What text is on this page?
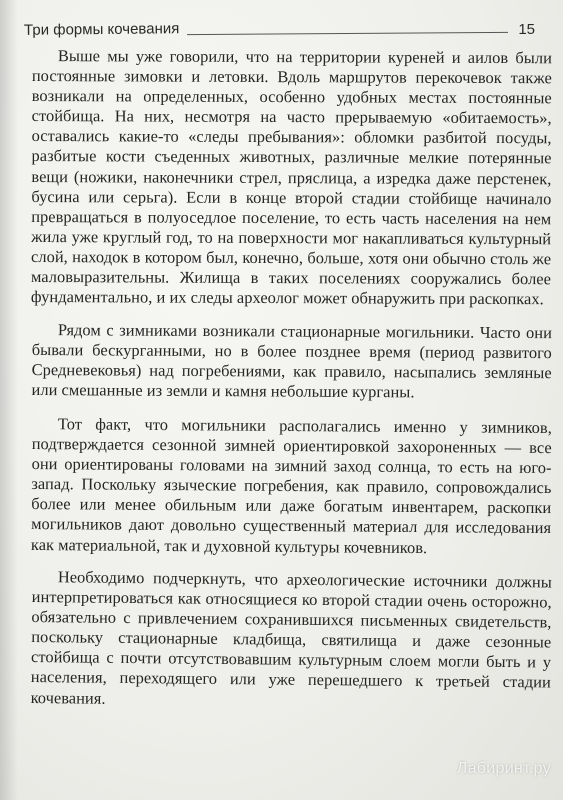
Три формы кочевания	15

Выше мы уже говорили, что на территории куреней и аилов были постоянные зимовки и летовки. Вдоль маршрутов перекочевок также возникали на определенных, особенно удобных местах постоянные стойбища. На них, несмотря на часто прерываемую «обитаемость», оставались какие-то «следы пребывания»: обломки разбитой посуды, разбитые кости съеденных животных, различные мелкие потерянные вещи (ножики, наконечники стрел, пряслица, а изредка даже перстенек, бусина или серьга). Если в конце второй стадии стойбище начинало превращаться в полуоседлое поселение, то есть часть населения на нем жила уже круглый год, то на поверхности мог накапливаться культурный слой, находок в котором был, конечно, больше, хотя они обычно столь же маловыразительны. Жилища в таких поселениях сооружались более фундаментально, и их следы археолог может обнаружить при раскопках.

Рядом с зимниками возникали стационарные могильники. Часто они бывали бескурганными, но в более позднее время (период развитого Средневековья) над погребениями, как правило, насыпались земляные или смешанные из земли и камня небольшие курганы.

Тот факт, что могильники располагались именно у зимников, подтверждается сезонной зимней ориентировкой захороненных — все они ориентированы головами на зимний заход солнца, то есть на юго-запад. Поскольку языческие погребения, как правило, сопровождались более или менее обильным или даже богатым инвентарем, раскопки могильников дают довольно существенный материал для исследования как материальной, так и духовной культуры кочевников.

Необходимо подчеркнуть, что археологические источники должны интерпретироваться как относящиеся ко второй стадии очень осторожно, обязательно с привлечением сохранившихся письменных свидетельств, поскольку стационарные кладбища, святилища и даже сезонные стойбища с почти отсутствовавшим культурным слоем могли быть и у населения, переходящего или уже перешедшего к третьей стадии кочевания.

Лабиринт.ру
